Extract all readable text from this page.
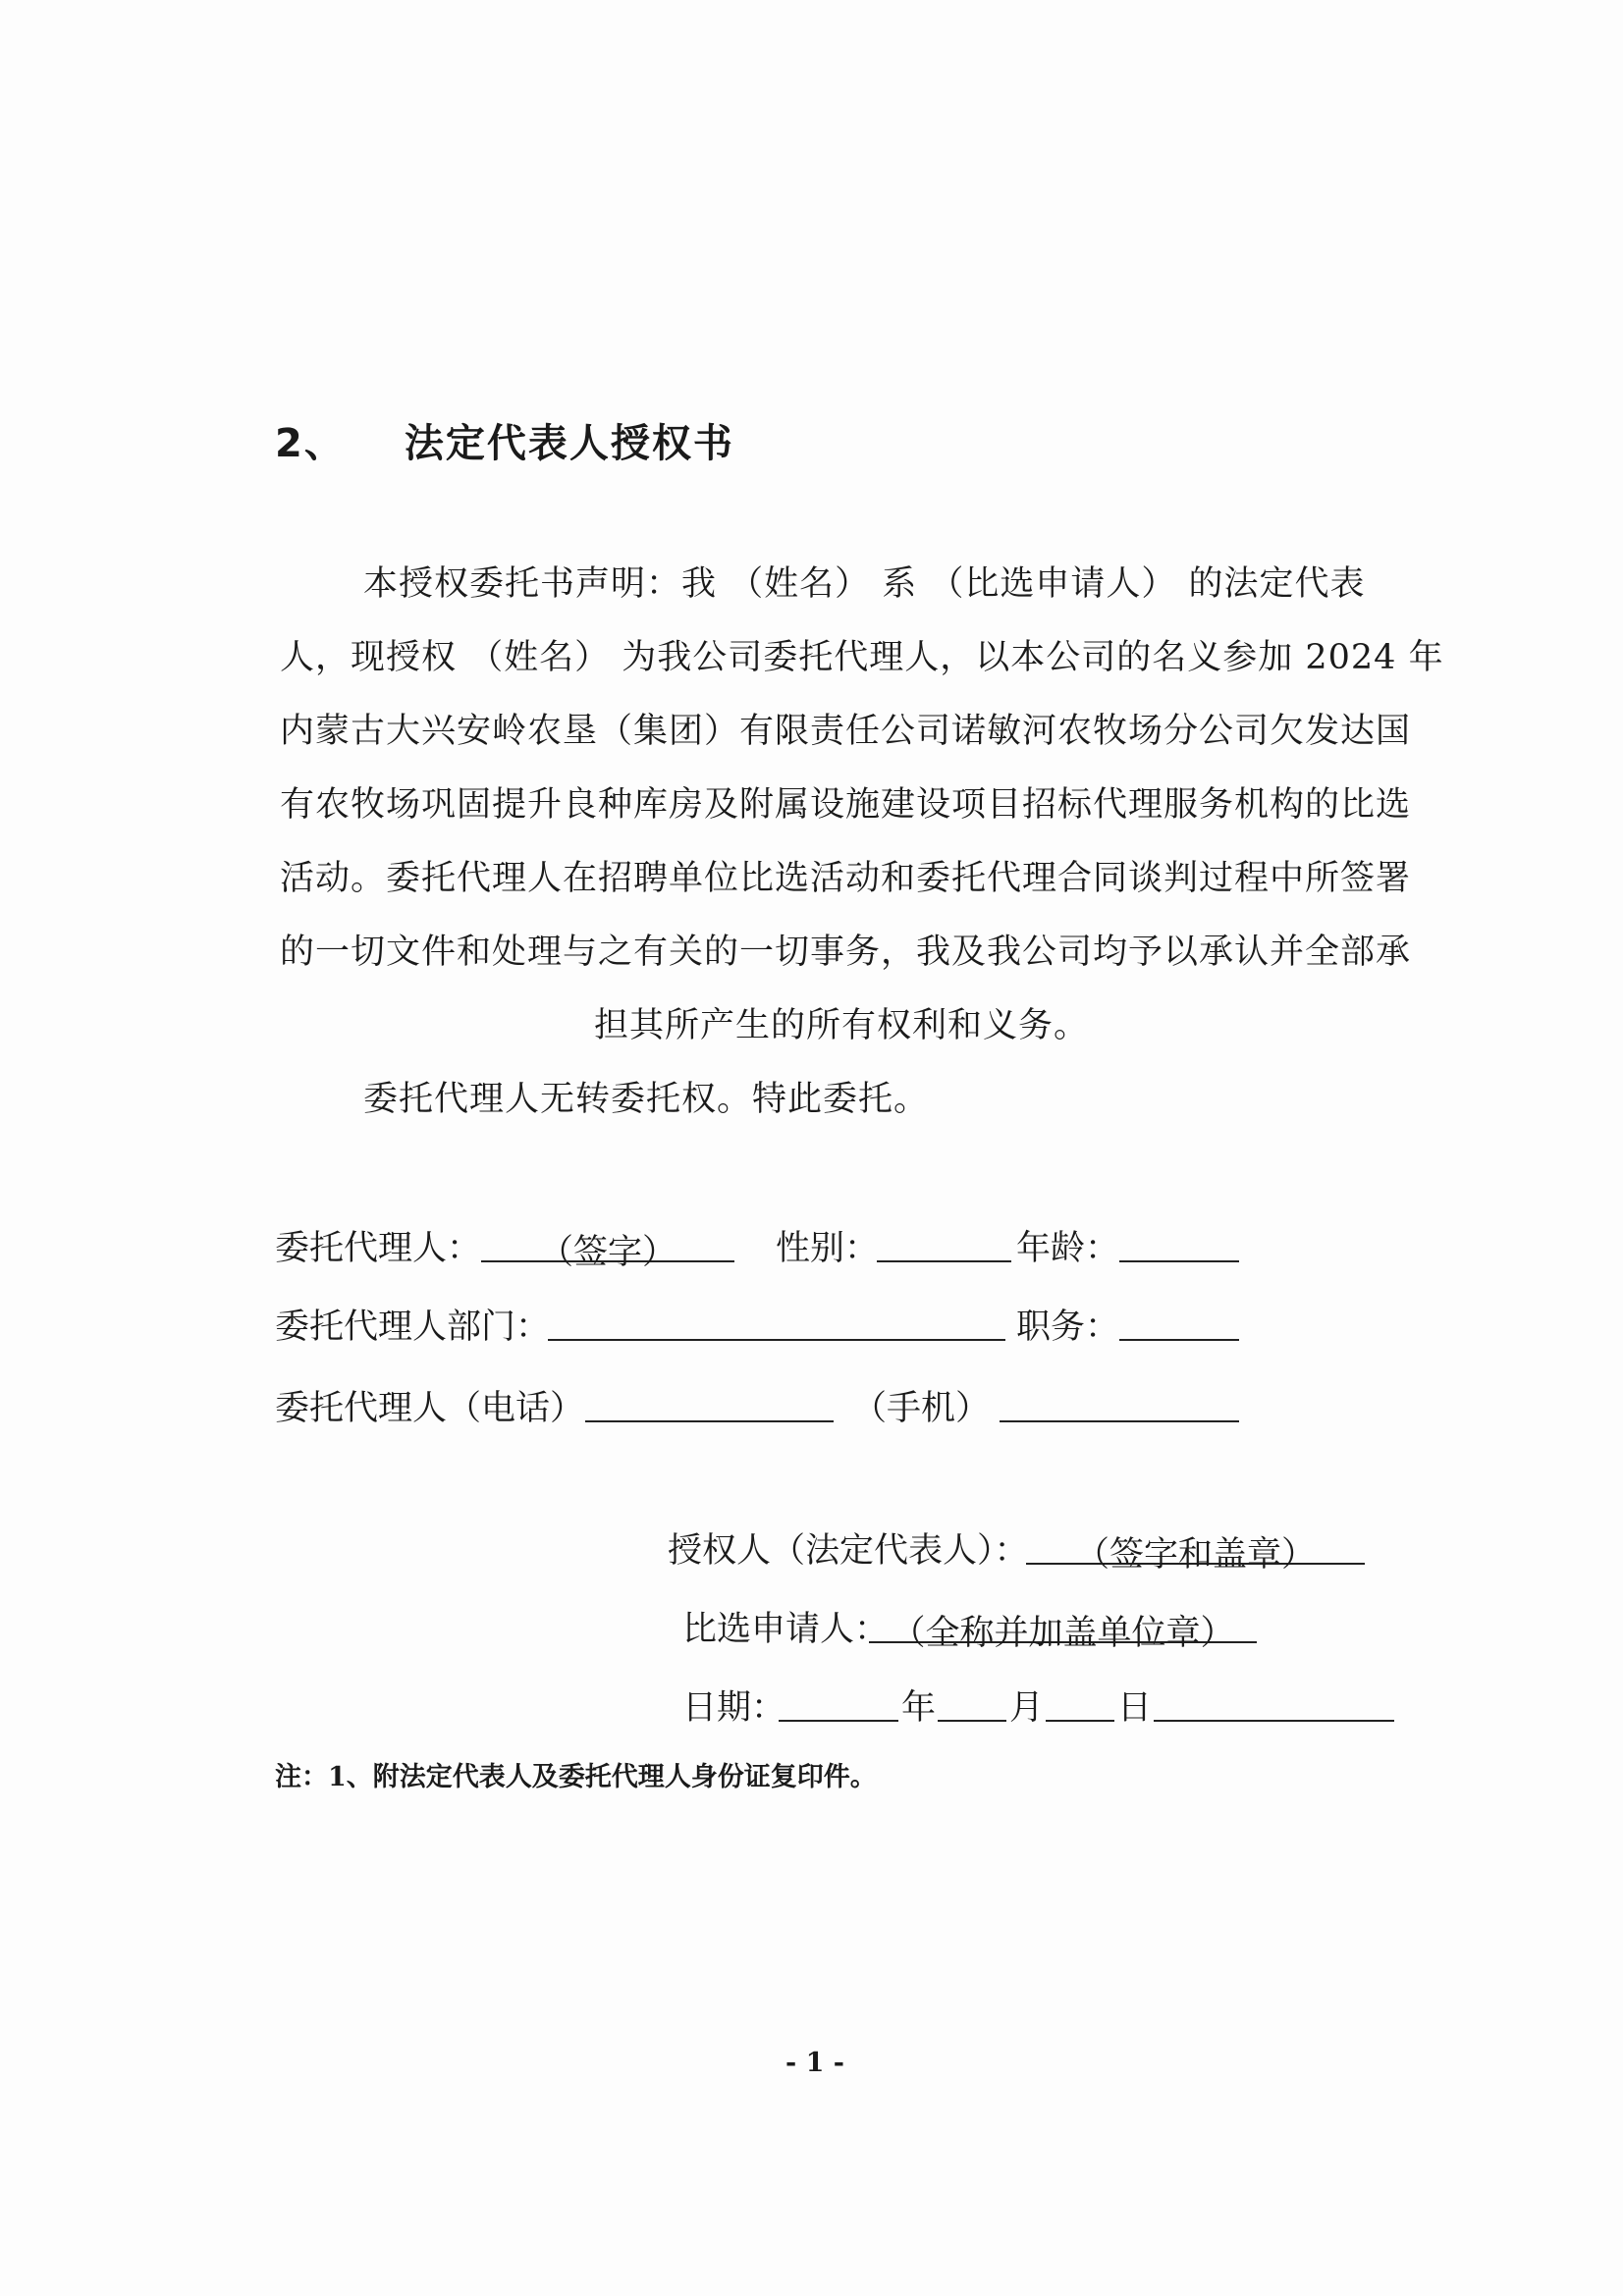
2、 法定代表人授权书
本授权委托书声明：我 （姓名） 系 （比选申请人） 的法定代表
人，现授权 （姓名） 为我公司委托代理人，以本公司的名义参加 2024 年
内蒙古大兴安岭农垦（集团）有限责任公司诺敏河农牧场分公司欠发达国
有农牧场巩固提升良种库房及附属设施建设项目招标代理服务机构的比选
活动。委托代理人在招聘单位比选活动和委托代理合同谈判过程中所签署
的一切文件和处理与之有关的一切事务，我及我公司均予以承认并全部承
担其所产生的所有权利和义务。
委托代理人无转委托权。特此委托。
委托代理人：	（签字）	性别：	年龄：
委托代理人部门：	职务：
委托代理人（电话）	（手机）
授权人（法定代表人）：	（签字和盖章）
比选申请人： （全称并加盖单位章）
日期：	年 月 日
注：1、附法定代表人及委托代理人身份证复印件。
- 1 -
